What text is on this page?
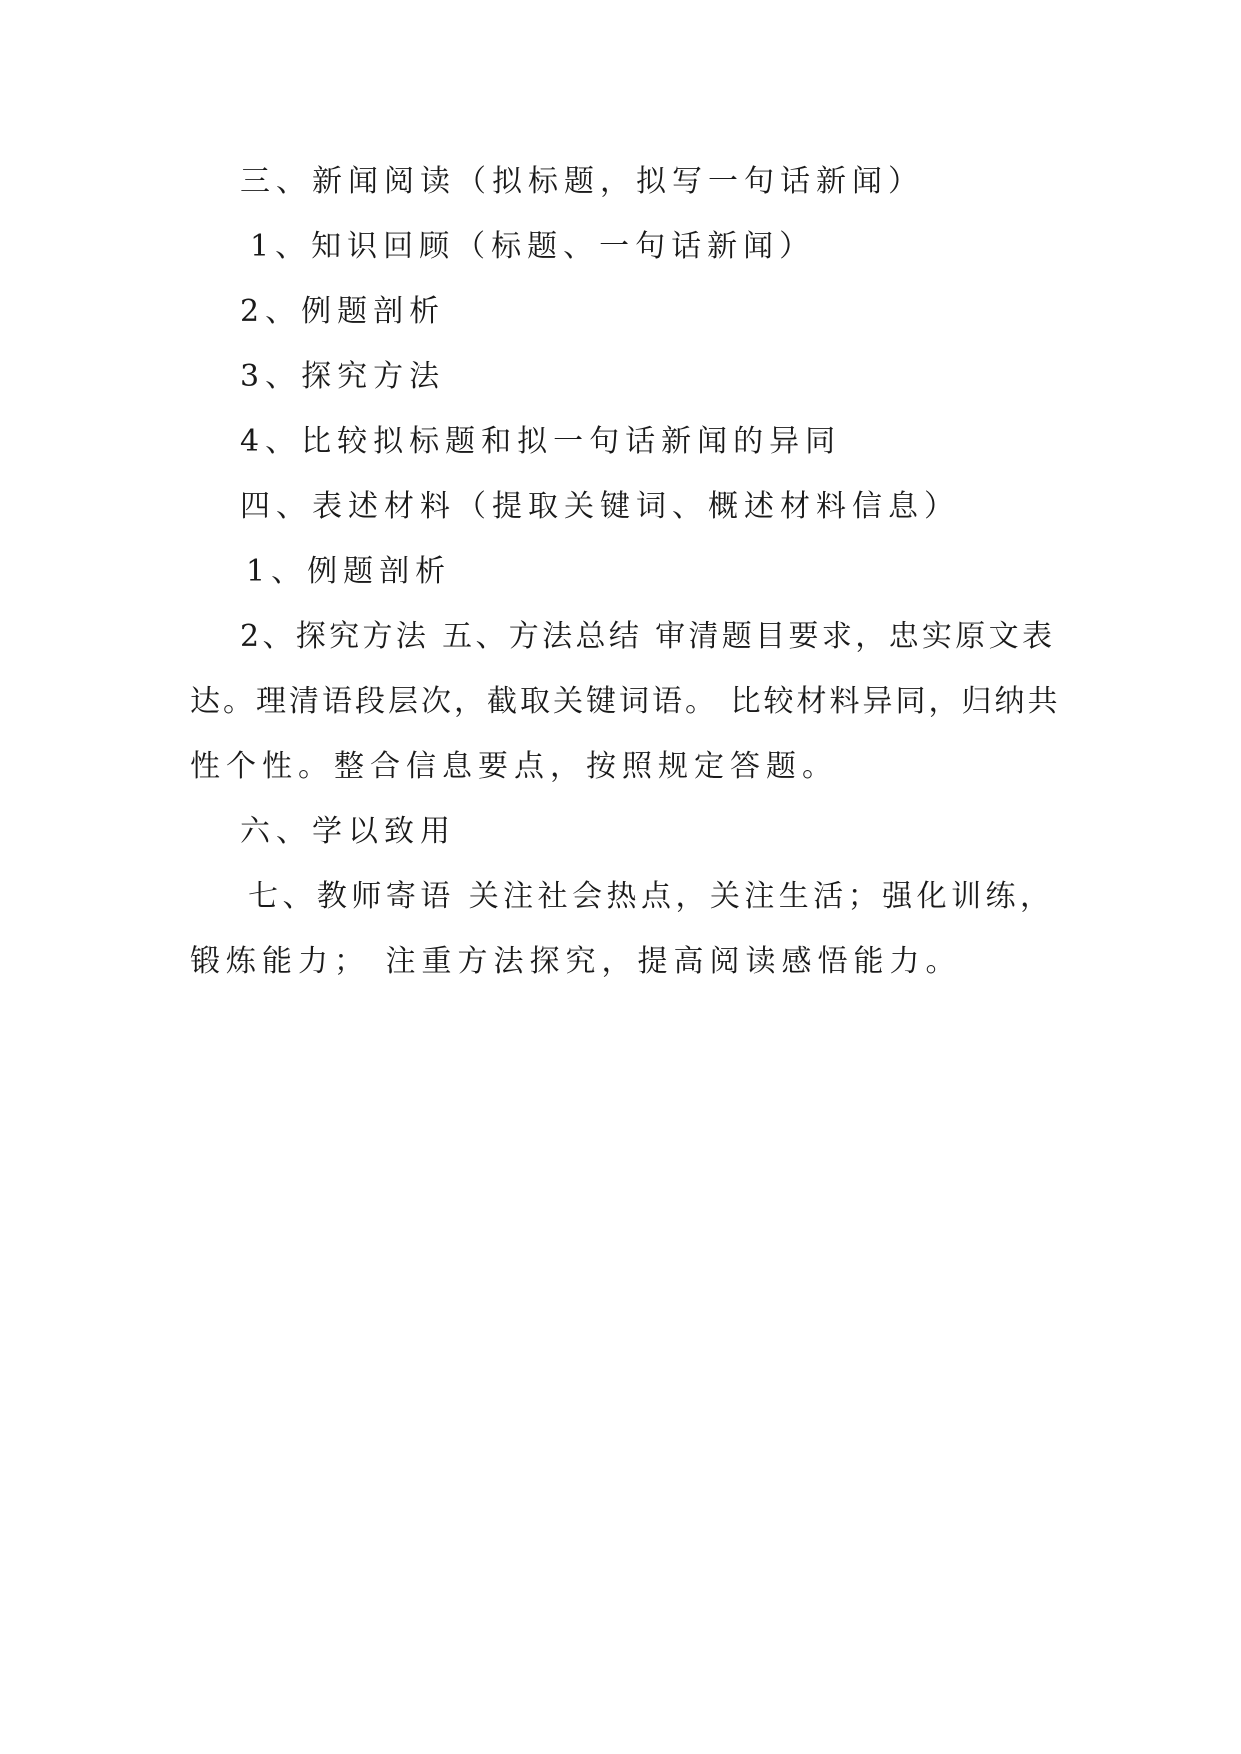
三、新闻阅读（拟标题，拟写一句话新闻）
1、知识回顾（标题、一句话新闻）
2、例题剖析
3、探究方法
4、比较拟标题和拟一句话新闻的异同
四、表述材料（提取关键词、概述材料信息）
1、例题剖析
2、探究方法 五、方法总结 审清题目要求，忠实原文表
达。理清语段层次，截取关键词语。 比较材料异同，归纳共
性个性。整合信息要点，按照规定答题。
六、学以致用
七、教师寄语 关注社会热点，关注生活；强化训练，
锻炼能力； 注重方法探究，提高阅读感悟能力。
